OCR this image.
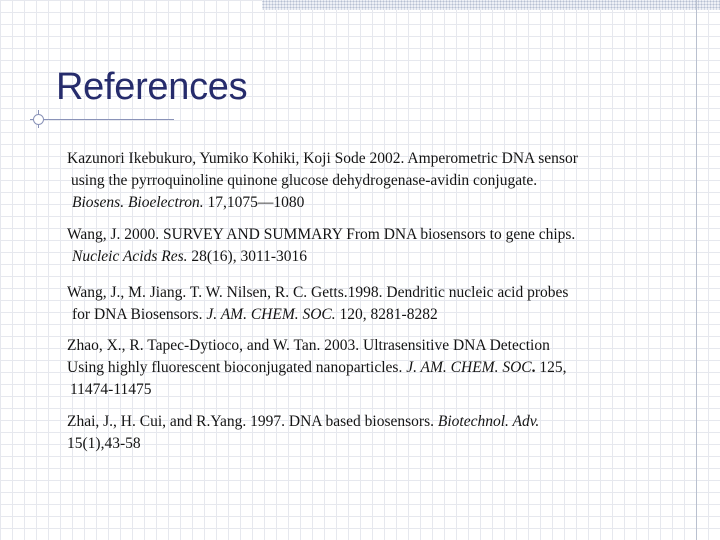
References

Kazunori Ikebukuro, Yumiko Kohiki, Koji Sode 2002. Amperometric DNA sensor
using the pyrroquinoline quinone glucose dehydrogenase-avidin conjugate.
Biosens. Bioelectron. 17,1075—1080

Wang, J. 2000. SURVEY AND SUMMARY From DNA biosensors to gene chips.
Nucleic Acids Res. 28(16), 3011-3016

Wang, J., M. Jiang. T. W. Nilsen, R. C. Getts.1998. Dendritic nucleic acid probes
for DNA Biosensors. J. AM. CHEM. SOC. 120, 8281-8282

Zhao, X., R. Tapec-Dytioco, and W. Tan. 2003. Ultrasensitive DNA Detection
Using highly fluorescent bioconjugated nanoparticles. J. AM. CHEM. SOC. 125,
11474-11475

Zhai, J., H. Cui, and R.Yang. 1997. DNA based biosensors. Biotechnol. Adv.
15(1),43-58
